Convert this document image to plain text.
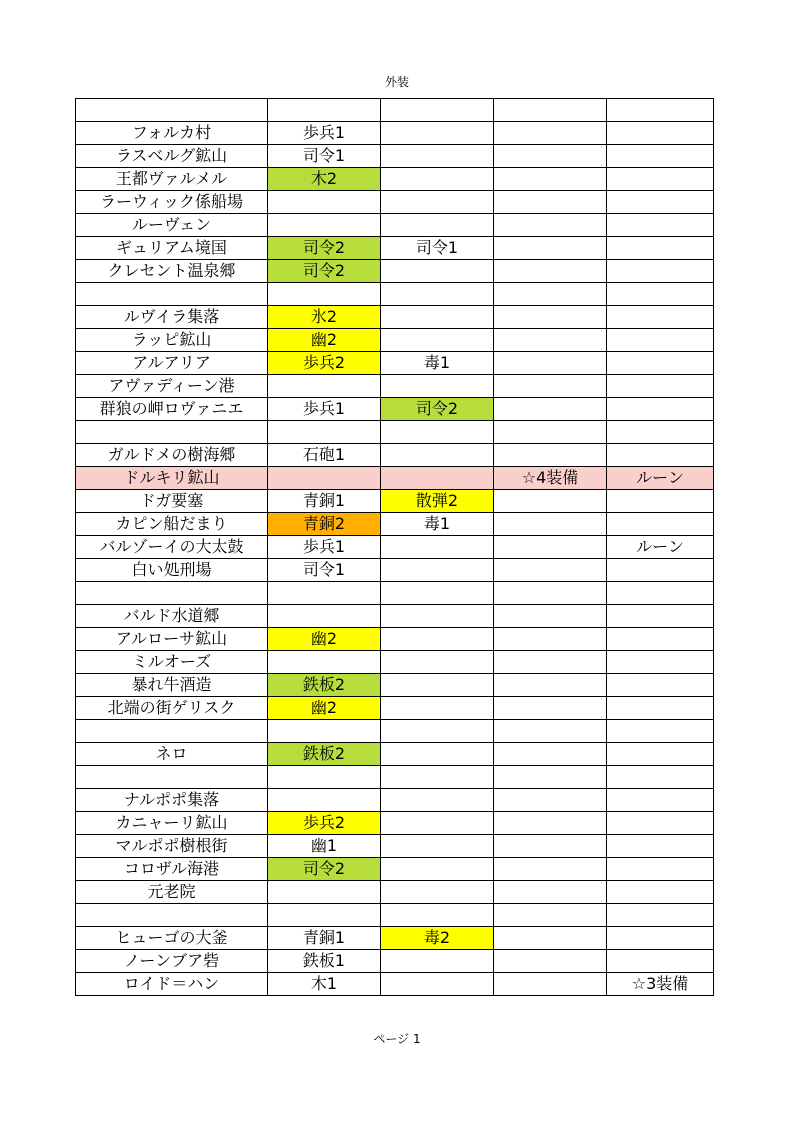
外装

フォルカ村	歩兵1			
ラスベルグ鉱山	司令1			
王都ヴァルメル	木2			
ラーウィック係船場				
ルーヴェン				
ギュリアム境国	司令2	司令1		
クレセント温泉郷	司令2			

ルヴイラ集落	氷2			
ラッピ鉱山	幽2			
アルアリア	歩兵2	毒1		
アヴァディーン港				
群狼の岬ロヴァニエ	歩兵1	司令2		

ガルドメの樹海郷	石砲1			
ドルキリ鉱山			☆4装備	ルーン
ドガ要塞	青銅1	散弾2		
カピン船だまり	青銅2	毒1		
バルゾーイの大太鼓	歩兵1			ルーン
白い処刑場	司令1			

バルド水道郷				
アルローサ鉱山	幽2			
ミルオーズ				
暴れ牛酒造	鉄板2			
北端の街ゲリスク	幽2			

ネロ	鉄板2			

ナルポポ集落				
カニャーリ鉱山	歩兵2			
マルポポ樹根街	幽1			
コロザル海港	司令2			
元老院				

ヒューゴの大釜	青銅1	毒2		
ノーンブア砦	鉄板1			
ロイド＝ハン	木1			☆3装備
ページ 1
